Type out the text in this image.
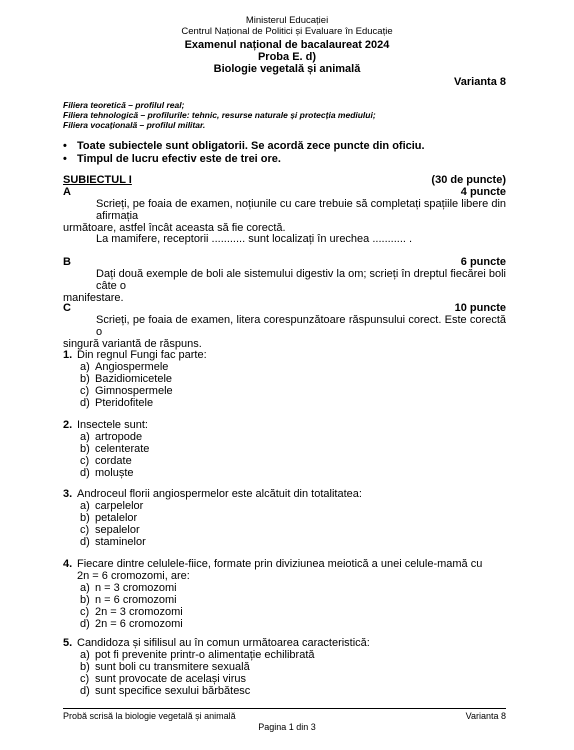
Ministerul Educației
Centrul Național de Politici și Evaluare în Educație
Examenul național de bacalaureat 2024
Proba E. d)
Biologie vegetală și animală
Varianta 8
Filiera teoretică – profilul real;
Filiera tehnologică – profilurile: tehnic, resurse naturale și protecția mediului;
Filiera vocațională – profilul militar.
• Toate subiectele sunt obligatorii. Se acordă zece puncte din oficiu.
• Timpul de lucru efectiv este de trei ore.
SUBIECTUL I	(30 de puncte)
A	4 puncte
Scrieți, pe foaia de examen, noțiunile cu care trebuie să completați spațiile libere din afirmația
următoare, astfel încât aceasta să fie corectă.
La mamifere, receptorii ........... sunt localizați în urechea ........... .
B	6 puncte
Dați două exemple de boli ale sistemului digestiv la om; scrieți în dreptul fiecărei boli câte o
manifestare.
C	10 puncte
Scrieți, pe foaia de examen, litera corespunzătoare răspunsului corect. Este corectă o
singură variantă de răspuns.
1. Din regnul Fungi fac parte:
a) Angiospermele
b) Bazidiomicetele
c) Gimnospermele
d) Pteridofitele
2. Insectele sunt:
a) artropode
b) celenterate
c) cordate
d) moluște
3. Androceul florii angiospermelor este alcătuit din totalitatea:
a) carpelelor
b) petalelor
c) sepalelor
d) staminelor
4. Fiecare dintre celulele-fiice, formate prin diviziunea meiotică a unei celule-mamă cu
2n = 6 cromozomi, are:
a) n = 3 cromozomi
b) n = 6 cromozomi
c) 2n = 3 cromozomi
d) 2n = 6 cromozomi
5. Candidoza și sifilisul au în comun următoarea caracteristică:
a) pot fi prevenite printr-o alimentație echilibrată
b) sunt boli cu transmitere sexuală
c) sunt provocate de același virus
d) sunt specifice sexului bărbătesc
Probă scrisă la biologie vegetală și animală	Varianta 8
Pagina 1 din 3
